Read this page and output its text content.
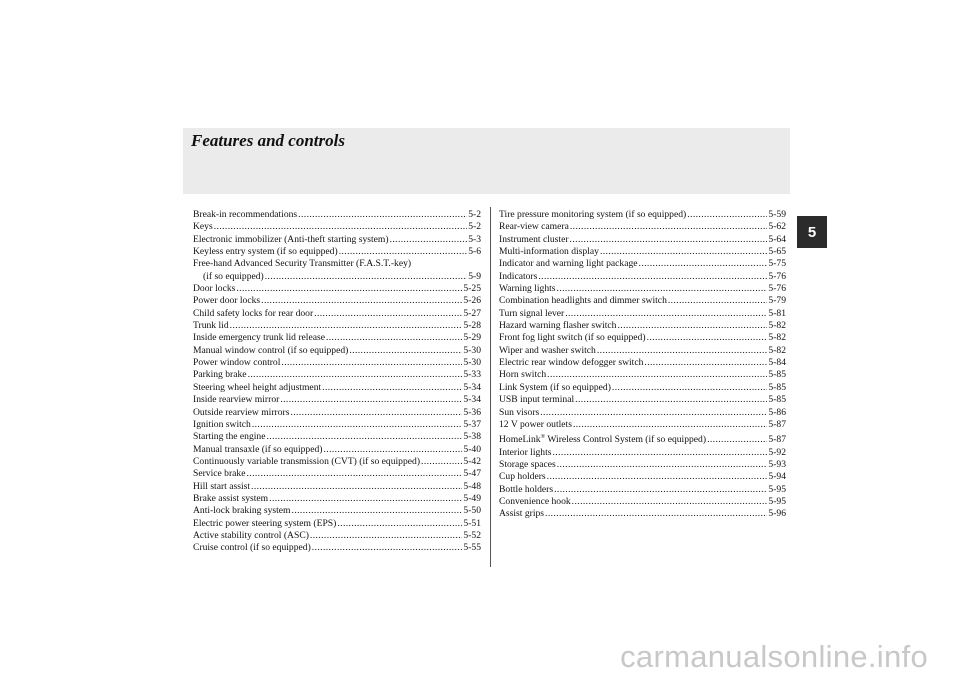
Features and controls
5
Break-in recommendations .....	5-2
Keys .....	5-2
Electronic immobilizer (Anti-theft starting system) .....	5-3
Keyless entry system (if so equipped) .....	5-6
Free-hand Advanced Security Transmitter (F.A.S.T.-key)
(if so equipped) .....	5-9
Door locks .....	5-25
Power door locks .....	5-26
Child safety locks for rear door .....	5-27
Trunk lid .....	5-28
Inside emergency trunk lid release .....	5-29
Manual window control (if so equipped) .....	5-30
Power window control .....	5-30
Parking brake .....	5-33
Steering wheel height adjustment .....	5-34
Inside rearview mirror .....	5-34
Outside rearview mirrors .....	5-36
Ignition switch .....	5-37
Starting the engine .....	5-38
Manual transaxle (if so equipped) .....	5-40
Continuously variable transmission (CVT) (if so equipped) .....	5-42
Service brake .....	5-47
Hill start assist .....	5-48
Brake assist system .....	5-49
Anti-lock braking system .....	5-50
Electric power steering system (EPS) .....	5-51
Active stability control (ASC) .....	5-52
Cruise control (if so equipped) .....	5-55
Tire pressure monitoring system (if so equipped) .....	5-59
Rear-view camera .....	5-62
Instrument cluster .....	5-64
Multi-information display .....	5-65
Indicator and warning light package .....	5-75
Indicators .....	5-76
Warning lights .....	5-76
Combination headlights and dimmer switch .....	5-79
Turn signal lever .....	5-81
Hazard warning flasher switch .....	5-82
Front fog light switch (if so equipped) .....	5-82
Wiper and washer switch .....	5-82
Electric rear window defogger switch .....	5-84
Horn switch .....	5-85
Link System (if so equipped) .....	5-85
USB input terminal .....	5-85
Sun visors .....	5-86
12 V power outlets .....	5-87
HomeLink® Wireless Control System (if so equipped) .....	5-87
Interior lights .....	5-92
Storage spaces .....	5-93
Cup holders .....	5-94
Bottle holders .....	5-95
Convenience hook .....	5-95
Assist grips .....	5-96
carmanualsonline.info
